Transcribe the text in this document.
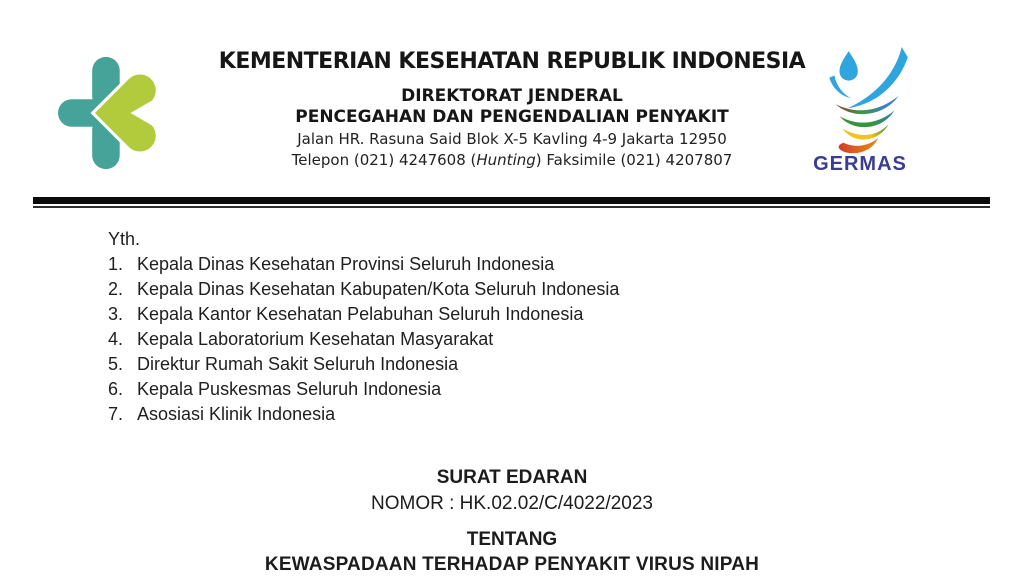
KEMENTERIAN KESEHATAN REPUBLIK INDONESIA
DIREKTORAT JENDERAL
PENCEGAHAN DAN PENGENDALIAN PENYAKIT
Jalan HR. Rasuna Said Blok X-5 Kavling 4-9 Jakarta 12950
Telepon (021) 4247608 (Hunting) Faksimile (021) 4207807	GERMAS
Yth.
1. Kepala Dinas Kesehatan Provinsi Seluruh Indonesia
2. Kepala Dinas Kesehatan Kabupaten/Kota Seluruh Indonesia
3. Kepala Kantor Kesehatan Pelabuhan Seluruh Indonesia
4. Kepala Laboratorium Kesehatan Masyarakat
5. Direktur Rumah Sakit Seluruh Indonesia
6. Kepala Puskesmas Seluruh Indonesia
7. Asosiasi Klinik Indonesia
SURAT EDARAN
NOMOR : HK.02.02/C/4022/2023
TENTANG
KEWASPADAAN TERHADAP PENYAKIT VIRUS NIPAH
